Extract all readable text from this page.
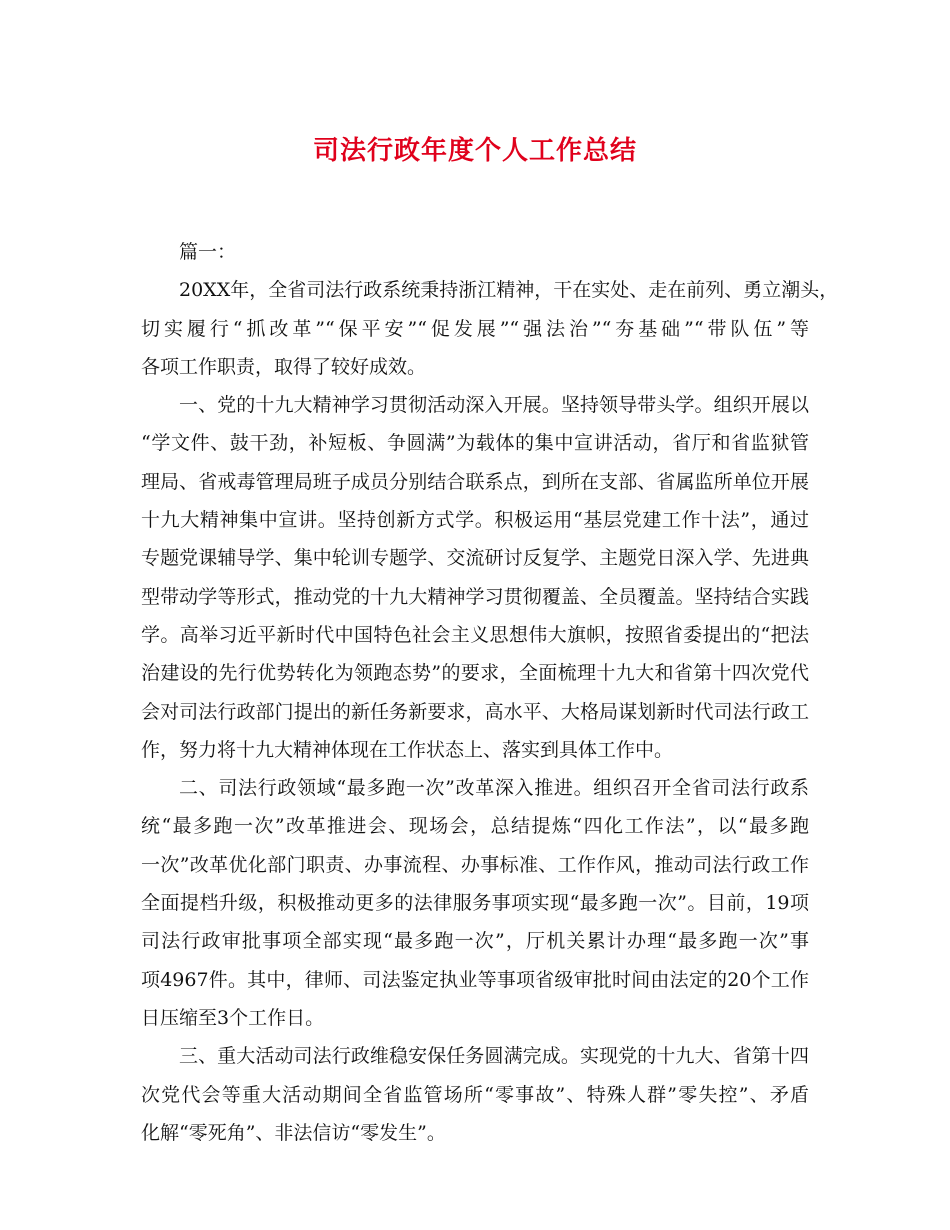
司法行政年度个人工作总结
篇一：
20XX年，全省司法行政系统秉持浙江精神，干在实处、走在前列、勇立潮头，
切实履行“抓改革”“保平安”“促发展”“强法治”“夯基础”“带队伍”等
各项工作职责，取得了较好成效。
一、党的十九大精神学习贯彻活动深入开展。坚持领导带头学。组织开展以
“学文件、鼓干劲，补短板、争圆满”为载体的集中宣讲活动，省厅和省监狱管
理局、省戒毒管理局班子成员分别结合联系点，到所在支部、省属监所单位开展
十九大精神集中宣讲。坚持创新方式学。积极运用“基层党建工作十法”，通过
专题党课辅导学、集中轮训专题学、交流研讨反复学、主题党日深入学、先进典
型带动学等形式，推动党的十九大精神学习贯彻覆盖、全员覆盖。坚持结合实践
学。高举习近平新时代中国特色社会主义思想伟大旗帜，按照省委提出的“把法
治建设的先行优势转化为领跑态势”的要求，全面梳理十九大和省第十四次党代
会对司法行政部门提出的新任务新要求，高水平、大格局谋划新时代司法行政工
作，努力将十九大精神体现在工作状态上、落实到具体工作中。
二、司法行政领域“最多跑一次”改革深入推进。组织召开全省司法行政系
统“最多跑一次”改革推进会、现场会，总结提炼“四化工作法”，以“最多跑
一次”改革优化部门职责、办事流程、办事标准、工作作风，推动司法行政工作
全面提档升级，积极推动更多的法律服务事项实现“最多跑一次”。目前，19项
司法行政审批事项全部实现“最多跑一次”，厅机关累计办理“最多跑一次”事
项4967件。其中，律师、司法鉴定执业等事项省级审批时间由法定的20个工作
日压缩至3个工作日。
三、重大活动司法行政维稳安保任务圆满完成。实现党的十九大、省第十四
次党代会等重大活动期间全省监管场所“零事故”、特殊人群”零失控”、矛盾
化解“零死角”、非法信访“零发生”。
